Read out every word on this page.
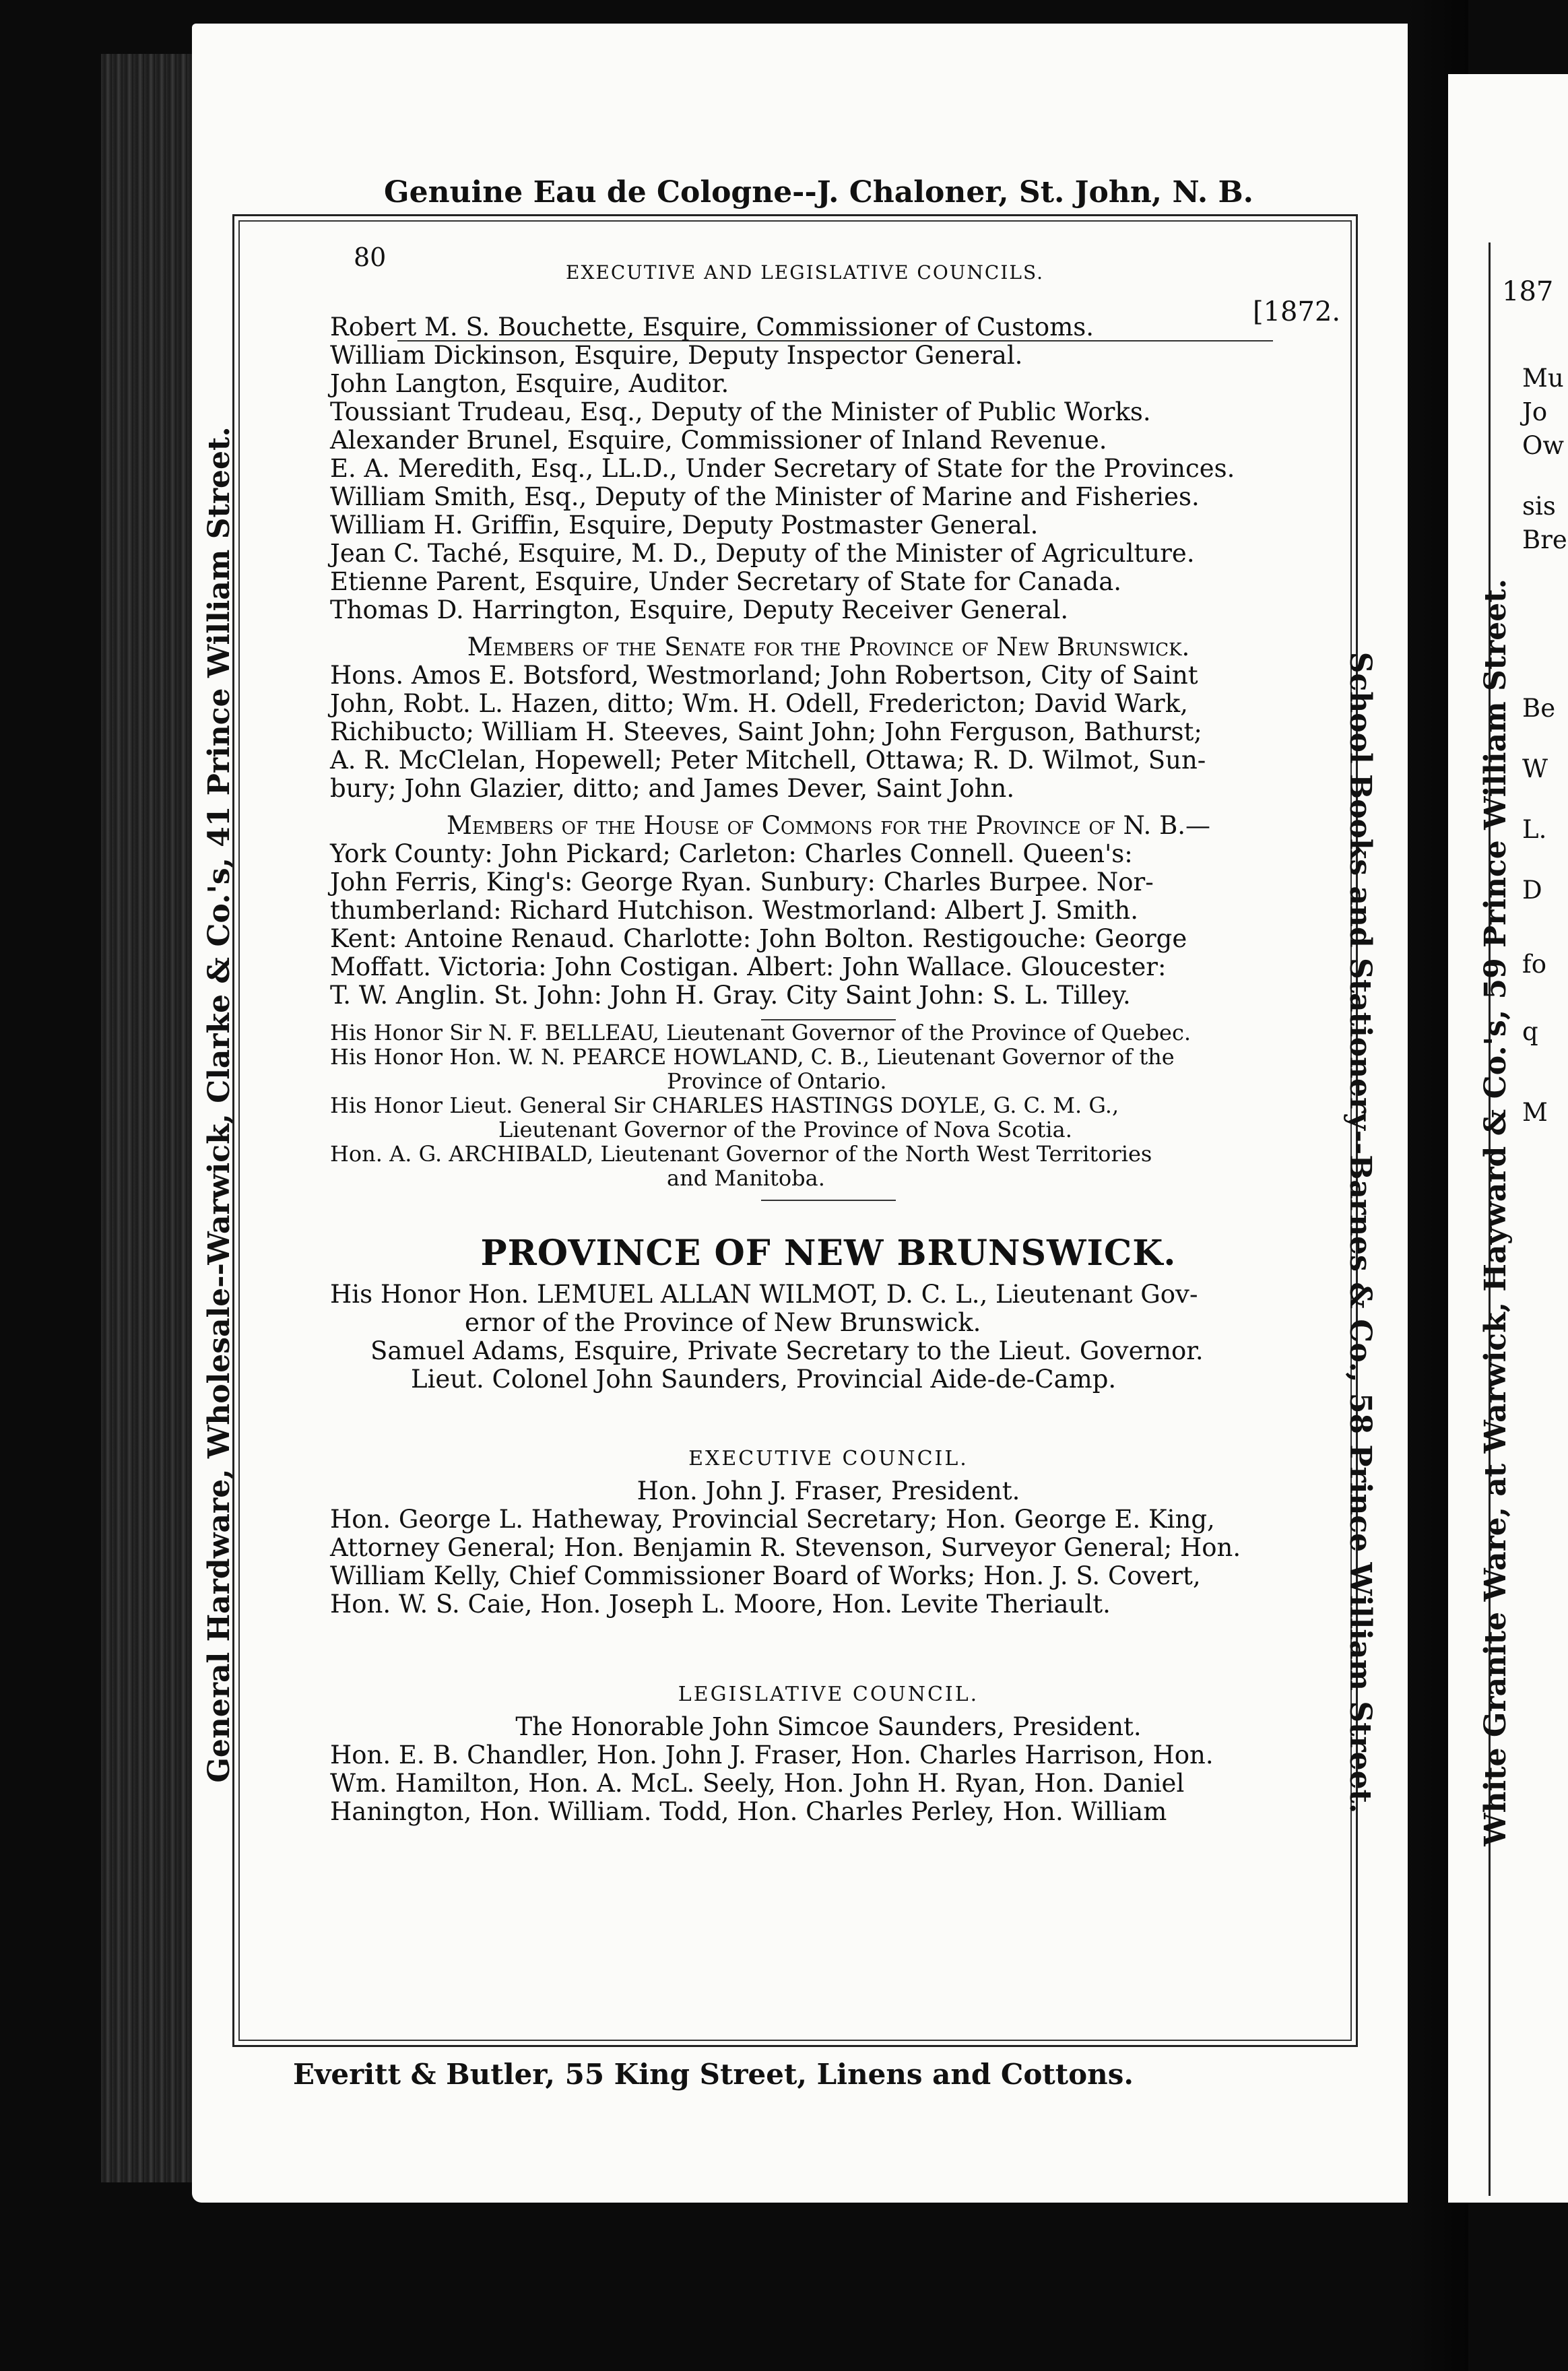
Genuine Eau de Cologne--J. Chaloner, St. John, N. B.
General Hardware, Wholesale--Warwick, Clarke & Co.'s, 41 Prince William Street.	School Books and Stationery--Barnes & Co., 58 Prince William Street.
80
EXECUTIVE AND LEGISLATIVE COUNCILS.
[1872.
Robert M. S. Bouchette, Esquire, Commissioner of Customs.
William Dickinson, Esquire, Deputy Inspector General.
John Langton, Esquire, Auditor.
Toussiant Trudeau, Esq., Deputy of the Minister of Public Works.
Alexander Brunel, Esquire, Commissioner of Inland Revenue.
E. A. Meredith, Esq., LL.D., Under Secretary of State for the Provinces.
William Smith, Esq., Deputy of the Minister of Marine and Fisheries.
William H. Griffin, Esquire, Deputy Postmaster General.
Jean C. Taché, Esquire, M. D., Deputy of the Minister of Agriculture.
Etienne Parent, Esquire, Under Secretary of State for Canada.
Thomas D. Harrington, Esquire, Deputy Receiver General.
Members of the Senate for the Province of New Brunswick.
Hons. Amos E. Botsford, Westmorland; John Robertson, City of Saint
John, Robt. L. Hazen, ditto; Wm. H. Odell, Fredericton; David Wark,
Richibucto; William H. Steeves, Saint John; John Ferguson, Bathurst;
A. R. McClelan, Hopewell; Peter Mitchell, Ottawa; R. D. Wilmot, Sun-
bury; John Glazier, ditto; and James Dever, Saint John.
Members of the House of Commons for the Province of N. B.—
York County: John Pickard; Carleton: Charles Connell. Queen's:
John Ferris, King's: George Ryan. Sunbury: Charles Burpee. Nor-
thumberland: Richard Hutchison. Westmorland: Albert J. Smith.
Kent: Antoine Renaud. Charlotte: John Bolton. Restigouche: George
Moffatt. Victoria: John Costigan. Albert: John Wallace. Gloucester:
T. W. Anglin. St. John: John H. Gray. City Saint John: S. L. Tilley.
His Honor Sir N. F. BELLEAU, Lieutenant Governor of the Province of Quebec.
His Honor Hon. W. N. PEARCE HOWLAND, C. B., Lieutenant Governor of the
Province of Ontario.
His Honor Lieut. General Sir CHARLES HASTINGS DOYLE, G. C. M. G.,
Lieutenant Governor of the Province of Nova Scotia.
Hon. A. G. ARCHIBALD, Lieutenant Governor of the North West Territories
and Manitoba.
PROVINCE OF NEW BRUNSWICK.
His Honor Hon. LEMUEL ALLAN WILMOT, D. C. L., Lieutenant Gov-
ernor of the Province of New Brunswick.
Samuel Adams, Esquire, Private Secretary to the Lieut. Governor.
Lieut. Colonel John Saunders, Provincial Aide-de-Camp.
EXECUTIVE COUNCIL.
Hon. John J. Fraser, President.
Hon. George L. Hatheway, Provincial Secretary; Hon. George E. King,
Attorney General; Hon. Benjamin R. Stevenson, Surveyor General; Hon.
William Kelly, Chief Commissioner Board of Works; Hon. J. S. Covert,
Hon. W. S. Caie, Hon. Joseph L. Moore, Hon. Levite Theriault.
LEGISLATIVE COUNCIL.
The Honorable John Simcoe Saunders, President.
Hon. E. B. Chandler, Hon. John J. Fraser, Hon. Charles Harrison, Hon.
Wm. Hamilton, Hon. A. McL. Seely, Hon. John H. Ryan, Hon. Daniel
Hanington, Hon. William. Todd, Hon. Charles Perley, Hon. William
Everitt & Butler, 55 King Street, Linens and Cottons.
187
Mu
Jo
Ow
sis
Bre
Be
W
L.
D
fo
q
M
White Granite Ware, at Warwick, Hayward & Co.'s, 59 Prince William Street.
